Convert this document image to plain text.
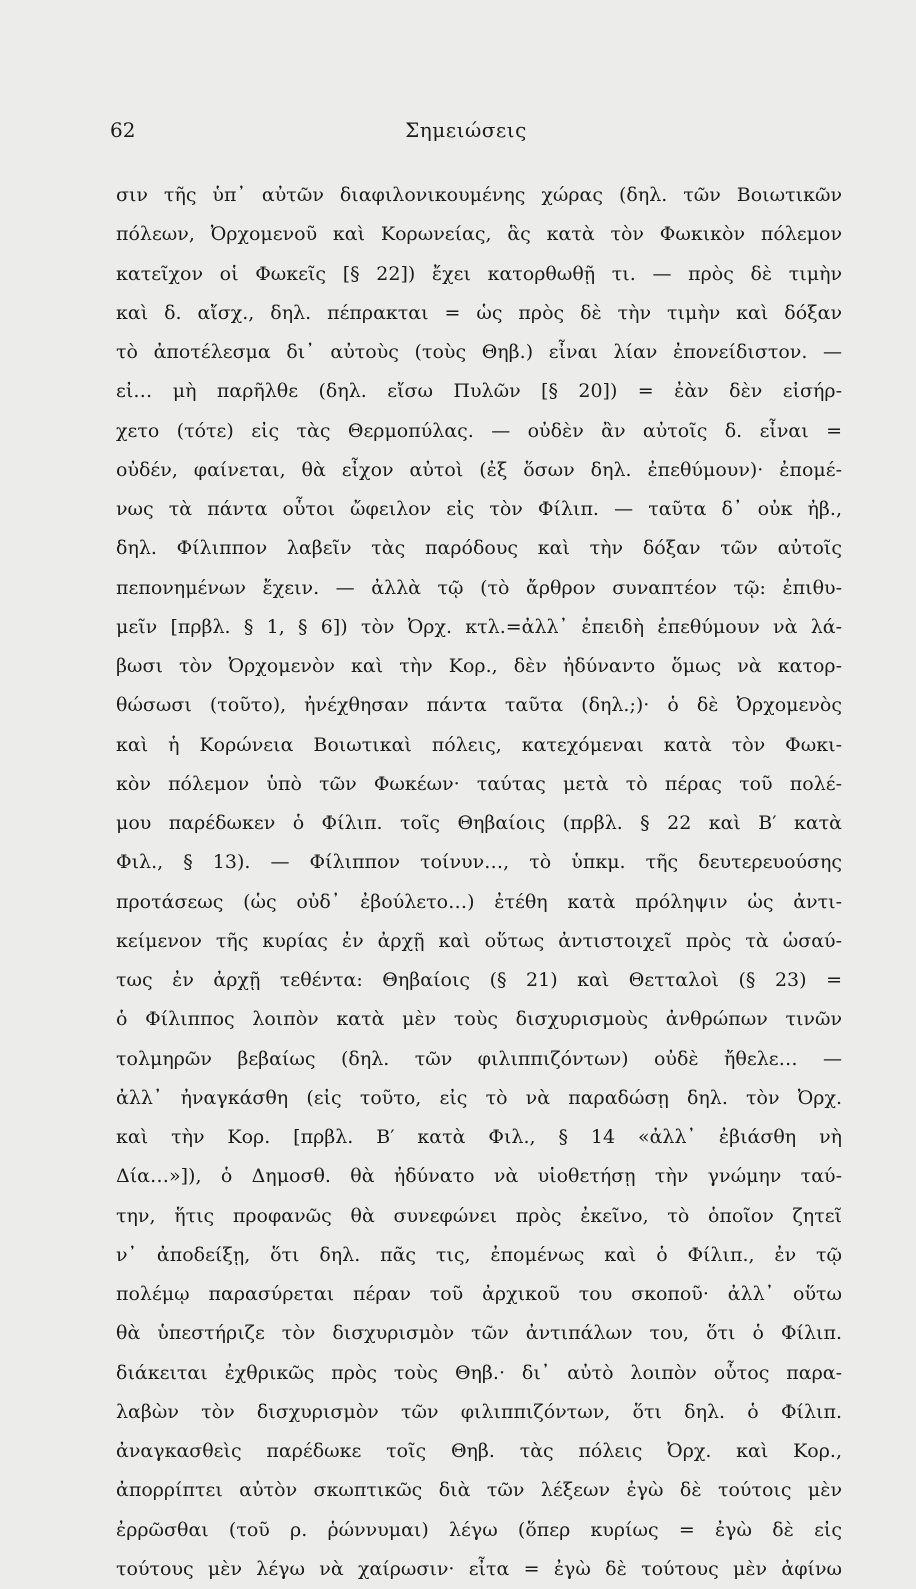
62	Σημειώσεις
σιν τῆς ὑπ᾽ αὐτῶν διαφιλονικουμένης χώρας (δηλ. τῶν Βοιωτικῶν
πόλεων, Ὀρχομενοῦ καὶ Κορωνείας, ἃς κατὰ τὸν Φωκικὸν πόλεμον
κατεῖχον οἱ Φωκεῖς [§ 22]) ἔχει κατορθωθῇ τι. — πρὸς δὲ τιμὴν
καὶ δ. αἴσχ., δηλ. πέπρακται = ὡς πρὸς δὲ τὴν τιμὴν καὶ δόξαν
τὸ ἀποτέλεσμα δι᾽ αὐτοὺς (τοὺς Θηβ.) εἶναι λίαν ἐπονείδιστον. —
εἰ… μὴ παρῆλθε (δηλ. εἴσω Πυλῶν [§ 20]) = ἐὰν δὲν εἰσήρ-
χετο (τότε) εἰς τὰς Θερμοπύλας. — οὐδὲν ἂν αὐτοῖς δ. εἶναι =
οὐδέν, φαίνεται, θὰ εἶχον αὐτοὶ (ἐξ ὅσων δηλ. ἐπεθύμουν)· ἐπομέ-
νως τὰ πάντα οὗτοι ὤφειλον εἰς τὸν Φίλιπ. — ταῦτα δ᾽ οὐκ ἠβ.,
δηλ. Φίλιππον λαβεῖν τὰς παρόδους καὶ τὴν δόξαν τῶν αὐτοῖς
πεπονημένων ἔχειν. — ἀλλὰ τῷ (τὸ ἄρθρον συναπτέον τῷ: ἐπιθυ-
μεῖν [πρβλ. § 1, § 6]) τὸν Ὀρχ. κτλ.=ἀλλ᾽ ἐπειδὴ ἐπεθύμουν νὰ λά-
βωσι τὸν Ὀρχομενὸν καὶ τὴν Κορ., δὲν ἠδύναντο ὅμως νὰ κατορ-
θώσωσι (τοῦτο), ἠνέχθησαν πάντα ταῦτα (δηλ.;)· ὁ δὲ Ὀρχομενὸς
καὶ ἡ Κορώνεια Βοιωτικαὶ πόλεις, κατεχόμεναι κατὰ τὸν Φωκι-
κὸν πόλεμον ὑπὸ τῶν Φωκέων· ταύτας μετὰ τὸ πέρας τοῦ πολέ-
μου παρέδωκεν ὁ Φίλιπ. τοῖς Θηβαίοις (πρβλ. § 22 καὶ Β′ κατὰ
Φιλ., § 13). — Φίλιππον τοίνυν…, τὸ ὑπκμ. τῆς δευτερευούσης
προτάσεως (ὡς οὐδ᾽ ἐβούλετο…) ἐτέθη κατὰ πρόληψιν ὡς ἀντι-
κείμενον τῆς κυρίας ἐν ἀρχῇ καὶ οὕτως ἀντιστοιχεῖ πρὸς τὰ ὡσαύ-
τως ἐν ἀρχῇ τεθέντα: Θηβαίοις (§ 21) καὶ Θετταλοὶ (§ 23) =
ὁ Φίλιππος λοιπὸν κατὰ μὲν τοὺς δισχυρισμοὺς ἀνθρώπων τινῶν
τολμηρῶν βεβαίως (δηλ. τῶν φιλιππιζόντων) οὐδὲ ἤθελε… —
ἀλλ᾽ ἠναγκάσθη (εἰς τοῦτο, εἰς τὸ νὰ παραδώσῃ δηλ. τὸν Ὀρχ.
καὶ τὴν Κορ. [πρβλ. Β′ κατὰ Φιλ., § 14 «ἀλλ᾽ ἐβιάσθη νὴ
Δία…»]), ὁ Δημοσθ. θὰ ἠδύνατο νὰ υἱοθετήσῃ τὴν γνώμην ταύ-
την, ἥτις προφανῶς θὰ συνεφώνει πρὸς ἐκεῖνο, τὸ ὁποῖον ζητεῖ
ν᾽ ἀποδείξῃ, ὅτι δηλ. πᾶς τις, ἐπομένως καὶ ὁ Φίλιπ., ἐν τῷ
πολέμῳ παρασύρεται πέραν τοῦ ἀρχικοῦ του σκοποῦ· ἀλλ᾽ οὕτω
θὰ ὑπεστήριζε τὸν δισχυρισμὸν τῶν ἀντιπάλων του, ὅτι ὁ Φίλιπ.
διάκειται ἐχθρικῶς πρὸς τοὺς Θηβ.· δι᾽ αὐτὸ λοιπὸν οὗτος παρα-
λαβὼν τὸν δισχυρισμὸν τῶν φιλιππιζόντων, ὅτι δηλ. ὁ Φίλιπ.
ἀναγκασθεὶς παρέδωκε τοῖς Θηβ. τὰς πόλεις Ὀρχ. καὶ Κορ.,
ἀπορρίπτει αὐτὸν σκωπτικῶς διὰ τῶν λέξεων ἐγὼ δὲ τούτοις μὲν
ἐρρῶσθαι (τοῦ ρ. ῥώννυμαι) λέγω (ὅπερ κυρίως = ἐγὼ δὲ εἰς
τούτους μὲν λέγω νὰ χαίρωσιν· εἶτα = ἐγὼ δὲ τούτους μὲν ἀφίνω
